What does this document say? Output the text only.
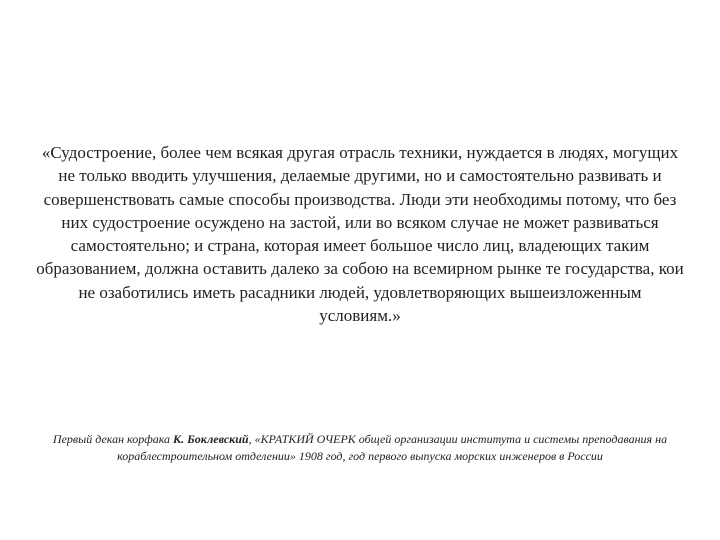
«Судостроение, более чем всякая другая отрасль техники, нуждается в людях, могущих не только вводить улучшения, делаемые другими, но и самостоятельно развивать и совершенствовать самые способы производства. Люди эти необходимы потому, что без них судостроение осуждено на застой, или во всяком случае не может развиваться самостоятельно; и страна, которая имеет большое число лиц, владеющих таким образованием, должна оставить далеко за собою на всемирном рынке те государства, кои не озаботились иметь расадники людей, удовлетворяющих вышеизложенным условиям.»

Первый декан корфака К. Боклевский, «КРАТКИЙ ОЧЕРК общей организации института и системы преподавания на кораблестроительном отделении» 1908 год, год первого выпуска морских инженеров в России
